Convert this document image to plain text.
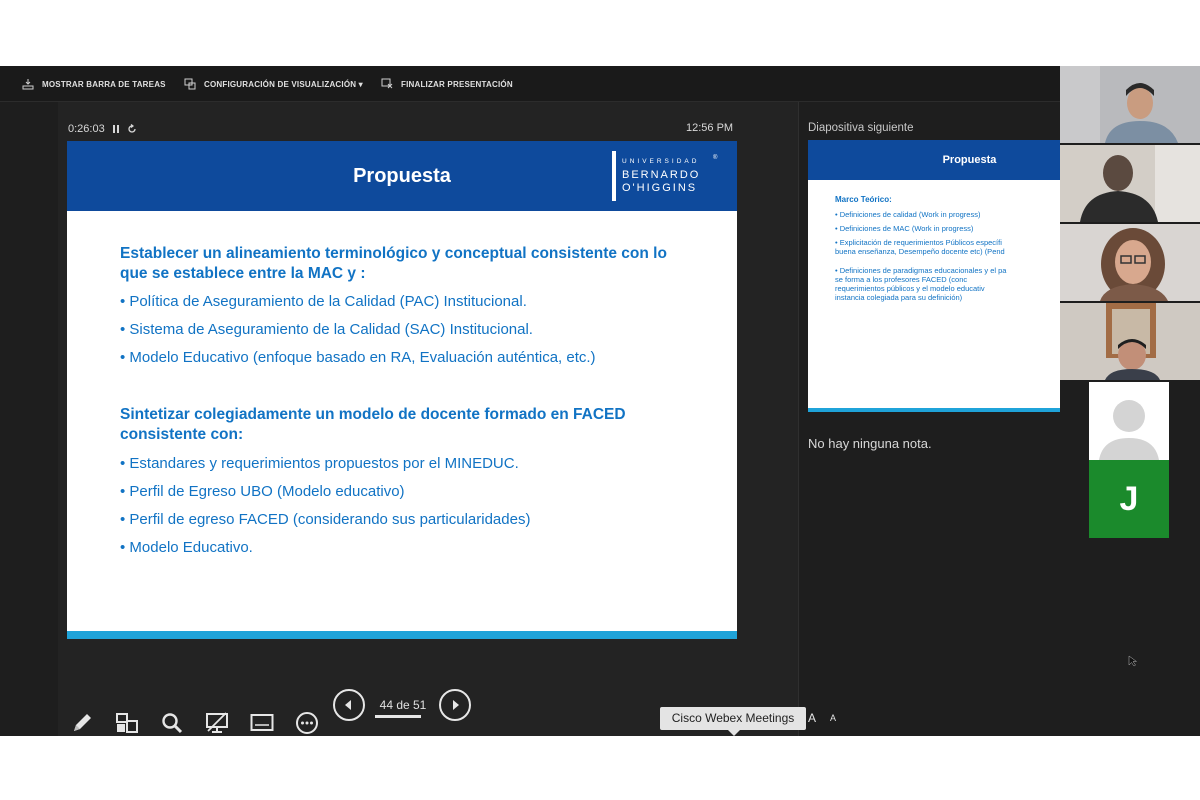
MOSTRAR BARRA DE TAREAS	CONFIGURACIÓN DE VISUALIZACIÓN ▾	FINALIZAR PRESENTACIÓN
0:26:03	12:56 PM
Propuesta
UNIVERSIDAD
BERNARDO
O'HIGGINS
®
Establecer un alineamiento terminológico y conceptual consistente con lo que se establece entre la MAC y :
• Política de Aseguramiento de la Calidad (PAC) Institucional.
• Sistema de Aseguramiento de la Calidad (SAC) Institucional.
• Modelo Educativo (enfoque basado en RA, Evaluación auténtica, etc.)
Sintetizar colegiadamente un modelo de docente formado en FACED consistente con:
• Estandares y requerimientos propuestos por el MINEDUC.
• Perfil de Egreso UBO (Modelo educativo)
• Perfil de egreso FACED (considerando sus particularidades)
• Modelo Educativo.
44 de 51
Diapositiva siguiente
Propuesta
Marco Teórico:
• Definiciones de calidad (Work in progress)
• Definiciones de MAC (Work in progress)
• Explicitación de requerimientos Públicos específi
buena enseñanza, Desempeño docente etc) (Pend
• Definiciones de paradigmas educacionales y el pa
se forma a los profesores FACED (conc
requerimientos públicos y el modelo educativ
instancia colegiada para su definición)
No hay ninguna nota.
J
Cisco Webex Meetings	A A
